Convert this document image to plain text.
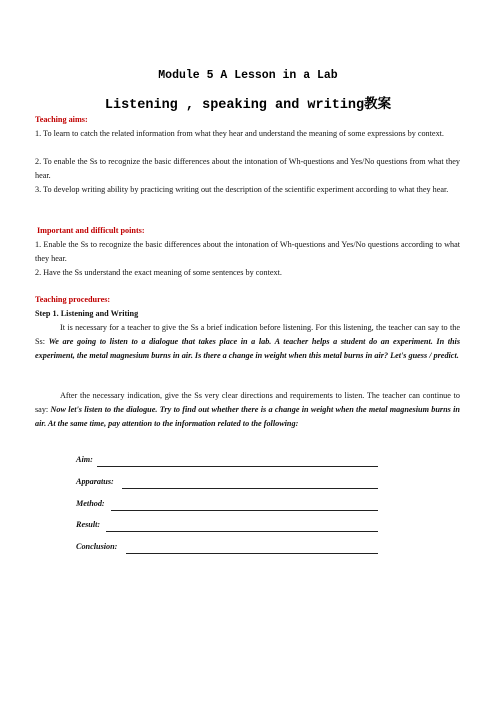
Module 5 A Lesson in a Lab
Listening , speaking and writing教案
Teaching aims:
1. To learn to catch the related information from what they hear and understand the meaning of some expressions by context.
2. To enable the Ss to recognize the basic differences about the intonation of Wh-questions and Yes/No questions from what they hear.
3. To develop writing ability by practicing writing out the description of the scientific experiment according to what they hear.
Important and difficult points:
1. Enable the Ss to recognize the basic differences about the intonation of Wh-questions and Yes/No questions according to what they hear.
2. Have the Ss understand the exact meaning of some sentences by context.
Teaching procedures:
Step 1. Listening and Writing
It is necessary for a teacher to give the Ss a brief indication before listening. For this listening, the teacher can say to the Ss: We are going to listen to a dialogue that takes place in a lab. A teacher helps a student do an experiment. In this experiment, the metal magnesium burns in air. Is there a change in weight when this metal burns in air? Let's guess / predict.
After the necessary indication, give the Ss very clear directions and requirements to listen. The teacher can continue to say: Now let's listen to the dialogue. Try to find out whether there is a change in weight when the metal magnesium burns in air. At the same time, pay attention to the information related to the following:
Aim:
Apparatus:
Method:
Result:
Conclusion:
